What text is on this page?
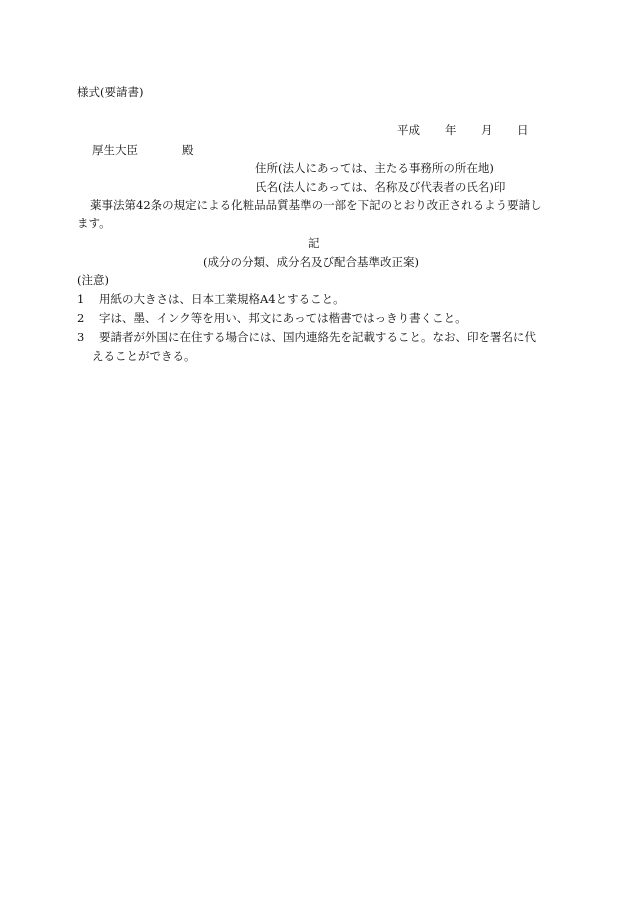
様式(要請書)
平成 年 月 日
厚生大臣	殿
住所(法人にあっては、主たる事務所の所在地)
氏名(法人にあっては、名称及び代表者の氏名)印
薬事法第42条の規定による化粧品品質基準の一部を下記のとおり改正されるよう要請し
ます。
記
(成分の分類、成分名及び配合基準改正案)
(注意)
1 用紙の大きさは、日本工業規格A4とすること。
2 字は、墨、インク等を用い、邦文にあっては楷書ではっきり書くこと。
3 要請者が外国に在住する場合には、国内連絡先を記載すること。なお、印を署名に代
えることができる。
